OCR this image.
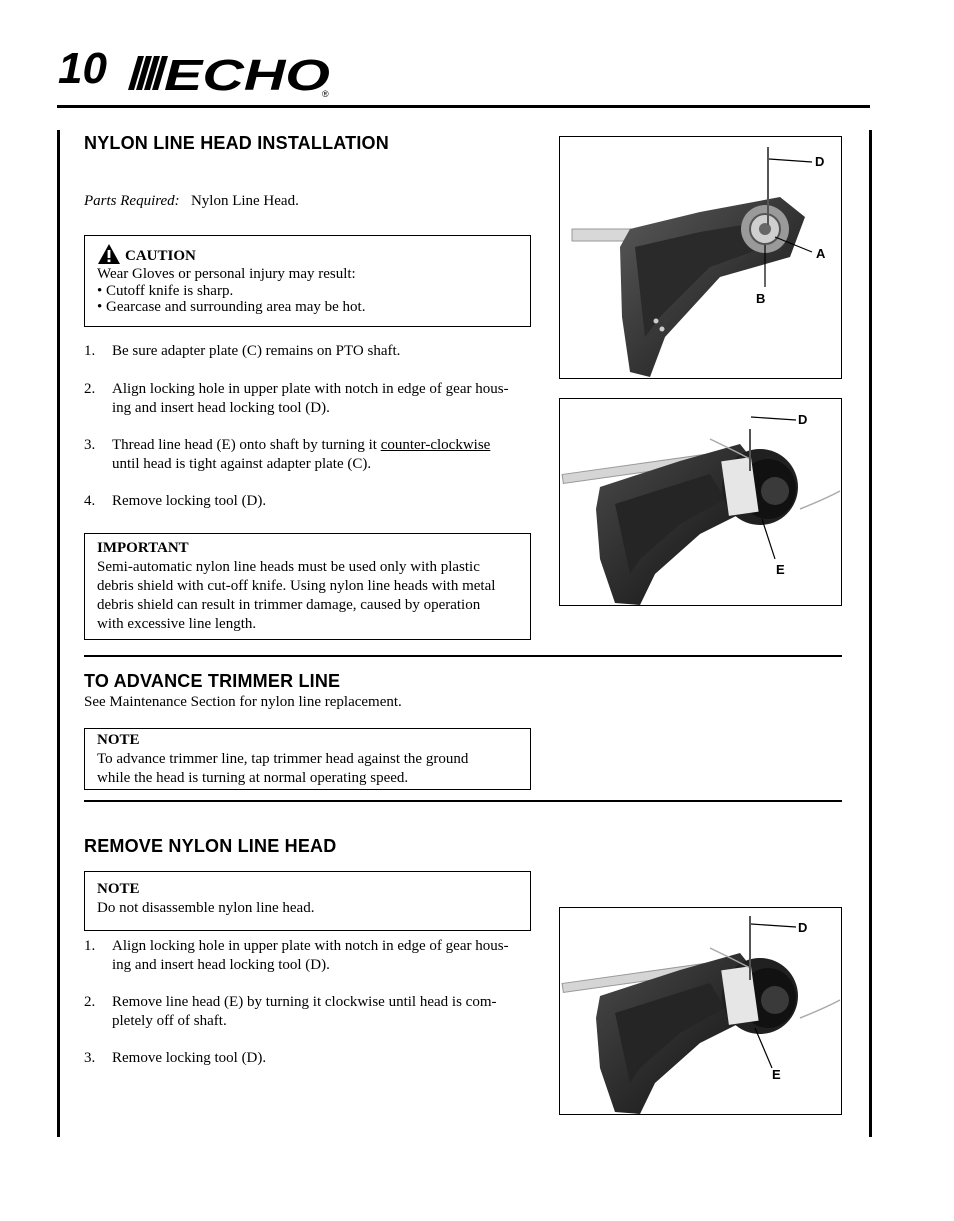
10 ECHO
®
NYLON LINE HEAD INSTALLATION
Parts Required: Nylon Line Head.
CAUTION
Wear Gloves or personal injury may result:
• Cutoff knife is sharp.
• Gearcase and surrounding area may be hot.
1.	Be sure adapter plate (C) remains on PTO shaft.
2.	Align locking hole in upper plate with notch in edge of gear hous-
ing and insert head locking tool (D).
3.	Thread line head (E) onto shaft by turning it counter-clockwise
until head is tight against adapter plate (C).
4.	Remove locking tool (D).
IMPORTANT
Semi-automatic nylon line heads must be used only with plastic
debris shield with cut-off knife. Using nylon line heads with metal
debris shield can result in trimmer damage, caused by operation
with excessive line length.
TO ADVANCE TRIMMER LINE
See Maintenance Section for nylon line replacement.
NOTE
To advance trimmer line, tap trimmer head against the ground
while the head is turning at normal operating speed.
REMOVE NYLON LINE HEAD
NOTE
Do not disassemble nylon line head.
1.	Align locking hole in upper plate with notch in edge of gear hous-
ing and insert head locking tool (D).
2.	Remove line head (E) by turning it clockwise until head is com-
pletely off of shaft.
3.	Remove locking tool (D).
D
A
B
D
E
D
E
